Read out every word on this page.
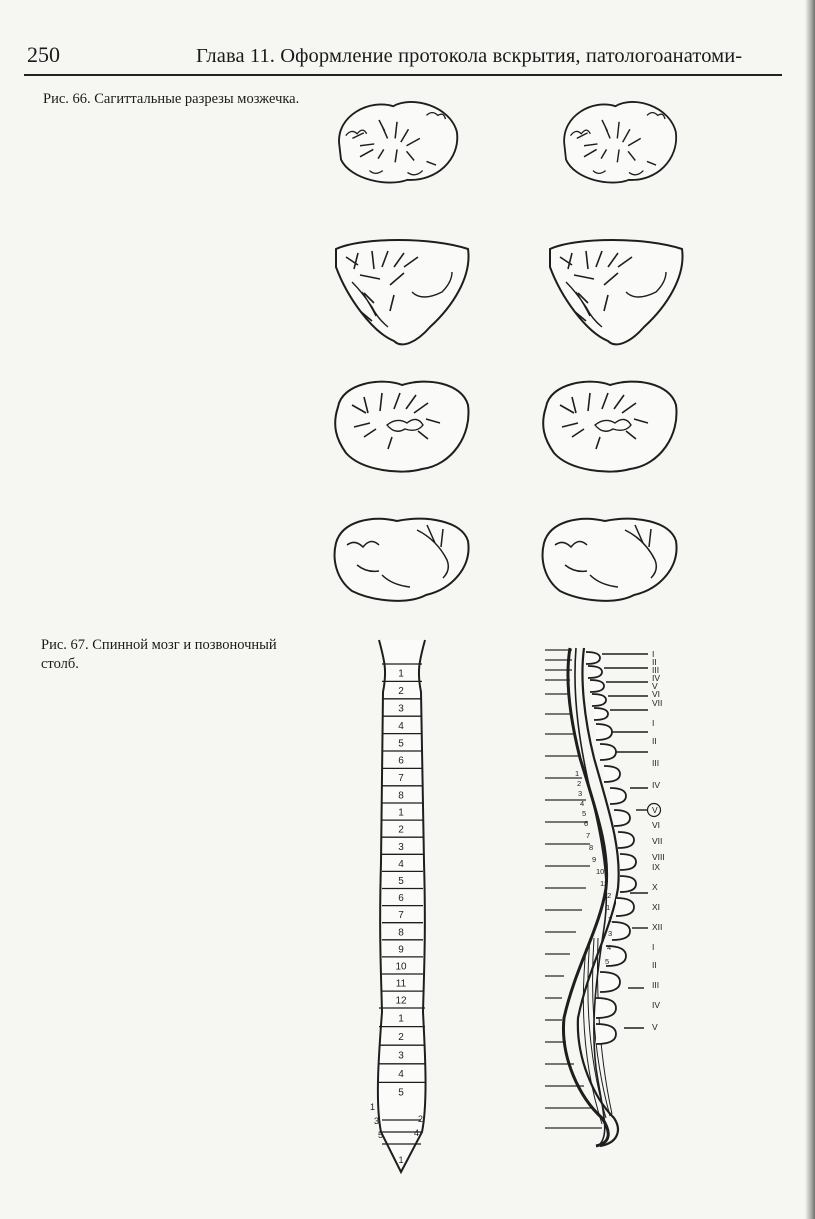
250	Глава 11. Оформление протокола вскрытия, патологоанатоми-
Рис. 66. Сагиттальные разрезы мозжечка.
Рис. 67. Спинной мозг и позвоночный столб.
1
2
3
4
5
6
7
8
1
2
3
4
5
6
7
8
9
10
11
12
1
2
3
4
5
1
3
5
2
4
1
I
II
III
IV
V
VI
VII
I
II
III
IV
V
VI
VII
VIII
IX
X
XI
XII
I
II
III
IV
V
1
2
3
4
5
6
7
8
9
10
11
12
1
2
3
4
5
